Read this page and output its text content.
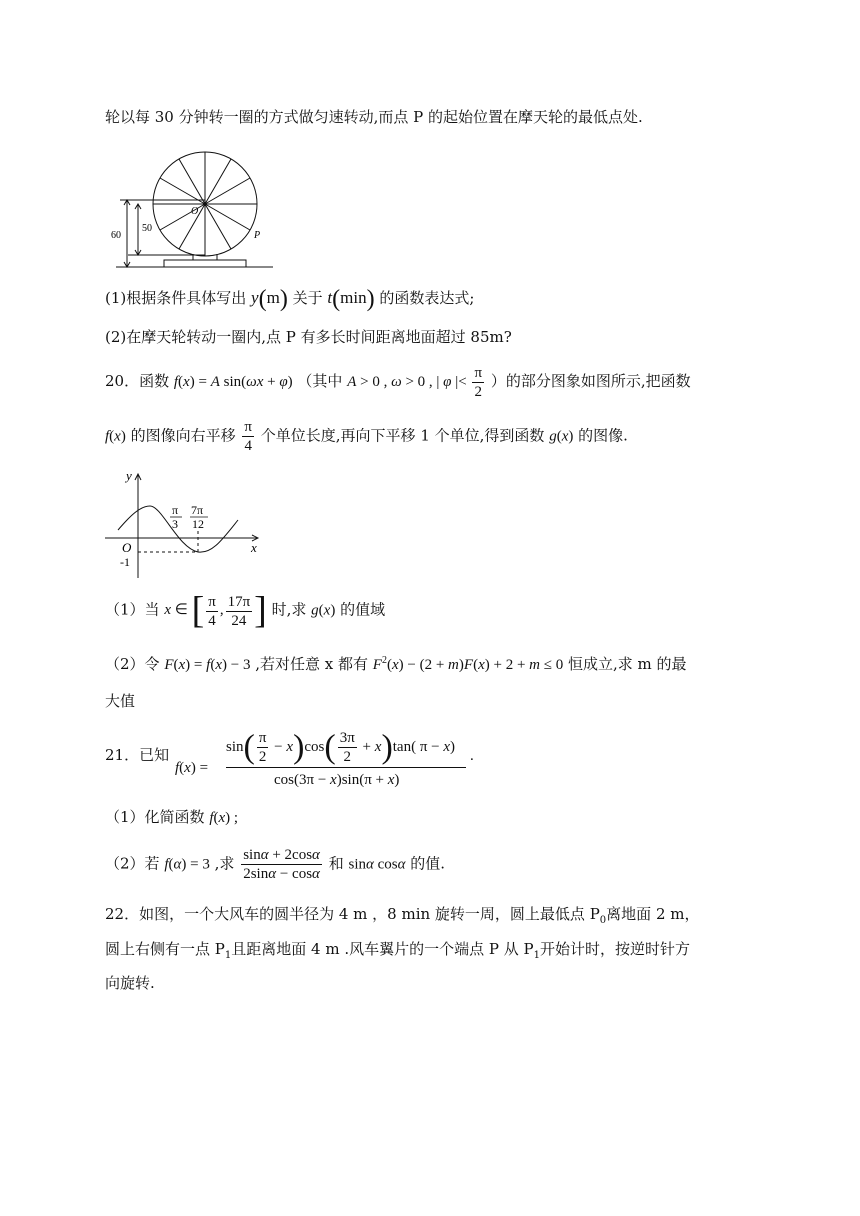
轮以每 30 分钟转一圈的方式做匀速转动,而点 P 的起始位置在摩天轮的最低点处.
60
50
O
P
(1)根据条件具体写出 y(m) 关于 t(min) 的函数表达式;
(2)在摩天轮转动一圈内,点 P 有多长时间距离地面超过 85m?
20．函数 f(x) = A sin(ωx + φ) （其中 A > 0 , ω > 0 , | φ |< $\frac{\pi}{2}$ ）的部分图象如图所示,把函数
f(x) 的图像向右平移 $\frac{\pi}{4}$ 个单位长度,再向下平移 1 个单位,得到函数 g(x) 的图像.
y
x
O
-1
π
3
7π
12
（1）当 x ∈ [ $\frac{\pi}{4}$ , $\frac{17\pi}{24}$ ] 时,求 g(x) 的值域
（2）令 F(x) = f(x) − 3 ,若对任意 x 都有 $F^2(x) - (2 + m)F(x) + 2 + m \le 0$ 恒成立,求 m 的最
大值
21．已知
f(x) =
$\sin( \frac{\pi}{2} - x)\cos( \frac{3\pi}{2} + x)\tan$( π − x)
cos(3π − x)sin(π + x)
.
（1）化简函数 f(x) ;
（2）若 f(α) = 3 ,求 $\frac{\sin\alpha + 2\cos\alpha}{2\sin\alpha - \cos\alpha}$ 和 sinα cosα 的值.
22．如图，一个大风车的圆半径为 4 m ，8 min 旋转一周，圆上最低点 $P_0$离地面 2 m，
圆上右侧有一点 $P_1$且距离地面 4 m .风车翼片的一个端点 P 从 $P_1$开始计时，按逆时针方
向旋转.
